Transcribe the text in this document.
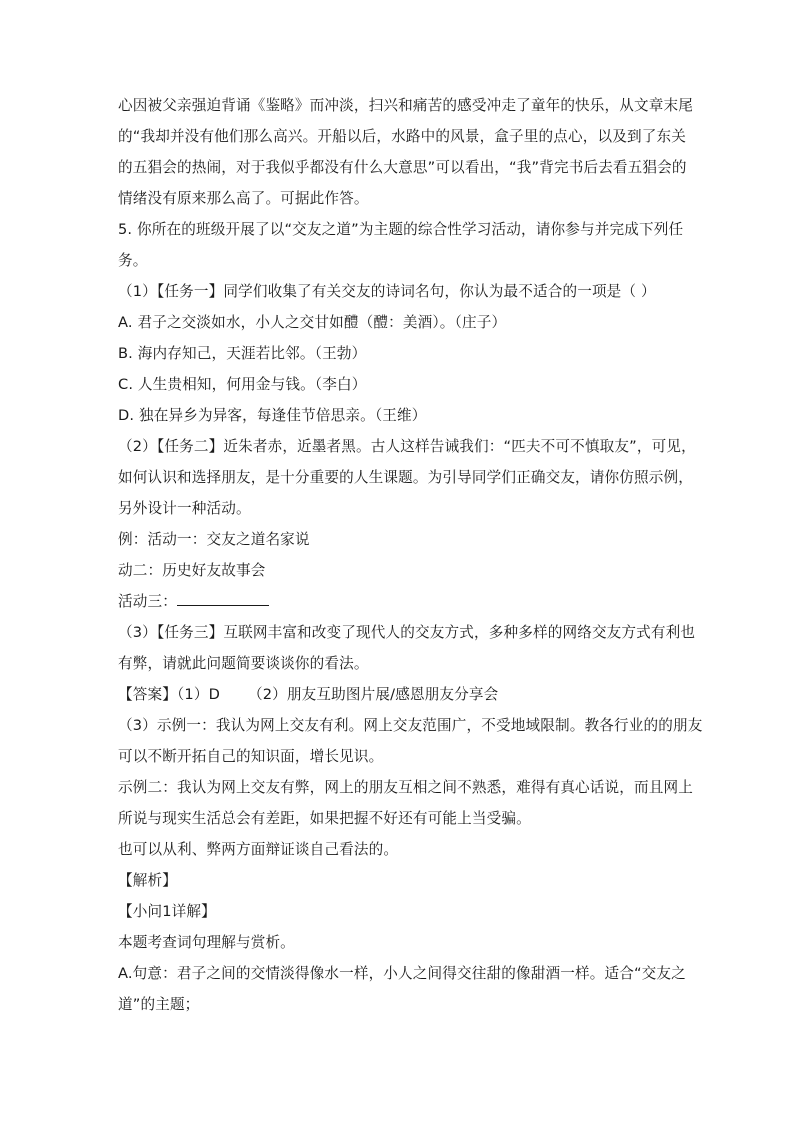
心因被父亲强迫背诵《鉴略》而冲淡，扫兴和痛苦的感受冲走了童年的快乐，从文章末尾
的“我却并没有他们那么高兴。开船以后，水路中的风景，盒子里的点心，以及到了东关
的五猖会的热闹，对于我似乎都没有什么大意思”可以看出，“我”背完书后去看五猖会的
情绪没有原来那么高了。可据此作答。
5. 你所在的班级开展了以“交友之道”为主题的综合性学习活动，请你参与并完成下列任
务。
（1）【任务一】同学们收集了有关交友的诗词名句，你认为最不适合的一项是（ ）
A. 君子之交淡如水，小人之交甘如醴（醴：美酒）。（庄子）
B. 海内存知己，天涯若比邻。（王勃）
C. 人生贵相知，何用金与钱。（李白）
D. 独在异乡为异客，每逢佳节倍思亲。（王维）
（2）【任务二】近朱者赤，近墨者黑。古人这样告诫我们：“匹夫不可不慎取友”，可见，
如何认识和选择朋友，是十分重要的人生课题。为引导同学们正确交友，请你仿照示例，
另外设计一种活动。
例：活动一：交友之道名家说
动二：历史好友故事会
活动三：
（3）【任务三】互联网丰富和改变了现代人的交友方式，多种多样的网络交友方式有利也
有弊，请就此问题简要谈谈你的看法。
【答案】（1）D （2）朋友互助图片展/感恩朋友分享会
（3）示例一：我认为网上交友有利。网上交友范围广，不受地域限制。教各行业的的朋友
可以不断开拓自己的知识面，增长见识。
示例二：我认为网上交友有弊，网上的朋友互相之间不熟悉，难得有真心话说，而且网上
所说与现实生活总会有差距，如果把握不好还有可能上当受骗。
也可以从利、弊两方面辩证谈自己看法的。
【解析】
【小问1详解】
本题考查词句理解与赏析。
A.句意：君子之间的交情淡得像水一样，小人之间得交往甜的像甜酒一样。适合“交友之
道”的主题；
